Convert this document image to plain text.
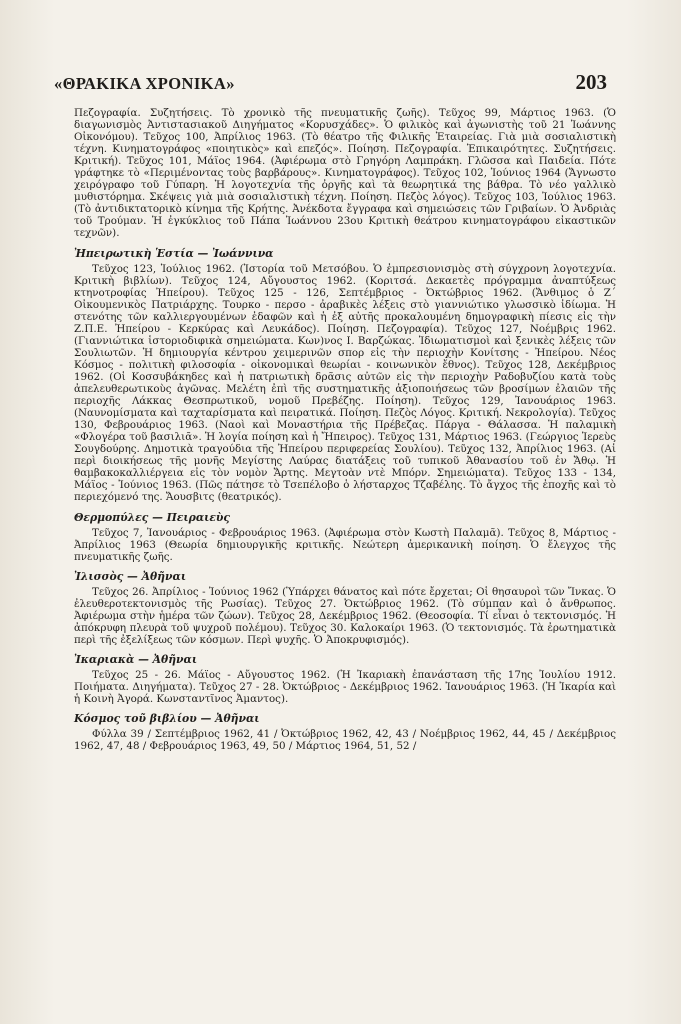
«ΘΡΑΚΙΚΑ ΧΡΟΝΙΚΑ»	203

Πεζογραφία. Συζητήσεις. Τὸ χρονικὸ τῆς πνευματικῆς ζωῆς). Τεῦχος 99, Μάρτιος 1963. (Ὁ διαγωνισμὸς Ἀντιστασιακοῦ Διηγήματος «Κορυσχάδες». Ὁ φιλικὸς καὶ ἀγωνιστὴς τοῦ 21 Ἰωάννης Οἰκονόμου). Τεῦχος 100, Ἀπρίλιος 1963. (Τὸ θέατρο τῆς Φιλικῆς Ἑταιρείας. Γιὰ μιὰ σοσιαλιστικὴ τέχνη. Κινηματογράφος «ποιητικὸς» καὶ επεζός». Ποίηση. Πεζογραφία. Ἐπικαιρότητες. Συζητήσεις. Κριτική). Τεῦχος 101, Μάϊος 1964. (Ἀφιέρωμα στὸ Γρηγόρη Λαμπράκη. Γλῶσσα καὶ Παιδεία. Πότε γράφτηκε τὸ «Περιμένοντας τοὺς βαρβάρους». Κινηματογράφος). Τεῦχος 102, Ἰούνιος 1964 (Ἄγνωστο χειρόγραφο τοῦ Γύπαρη. Ἡ λογοτεχνία τῆς ὀργῆς καὶ τὰ θεωρητικά της βάθρα. Τὸ νέο γαλλικὸ μυθιστόρημα. Σκέψεις γιὰ μιὰ σοσιαλιστικὴ τέχνη. Ποίηση. Πεζὸς λόγος). Τεῦχος 103, Ἰούλιος 1963. (Τὸ ἀντιδικτατορικὸ κίνημα τῆς Κρήτης. Ἀνέκδοτα ἔγγραφα καὶ σημειώσεις τῶν Γριβαίων. Ὁ Ἀνδριὰς τοῦ Τρούμαν. Ἡ ἐγκύκλιος τοῦ Πάπα Ἰωάννου 23ου Κριτικὴ θεάτρου κινηματογράφου εἰκαστικῶν τεχνῶν).

Ἠπειρωτικὴ Ἑστία — Ἰωάννινα

Τεῦχος 123, Ἰούλιος 1962. (Ἱστορία τοῦ Μετσόβου. Ὁ ἐμπρεσιονισμὸς στὴ σύγχρονη λογοτεχνία. Κριτικὴ βιβλίων). Τεῦχος 124, Αὔγουστος 1962. (Κοριτσά. Δεκαετὲς πρόγραμμα ἀναπτύξεως κτηνοτροφίας Ἠπείρου). Τεῦχος 125 - 126, Σεπτέμβριος - Ὀκτώβριος 1962. (Ἄνθιμος ὁ Ζ΄ Οἰκουμενικὸς Πατριάρχης. Τουρκο - περσο - ἀραβικὲς λέξεις στὸ γιαννιώτικο γλωσσικὸ ἰδίωμα. Ἡ στενότης τῶν καλλιεργουμένων ἐδαφῶν καὶ ἡ ἐξ αὐτῆς προκαλουμένη δημογραφικὴ πίεσις εἰς τὴν Ζ.Π.Ε. Ἠπείρου - Κερκύρας καὶ Λευκάδος). Ποίηση. Πεζογραφία). Τεῦχος 127, Νοέμβρις 1962. (Γιαννιώτικα ἱστοριοδιφικὰ σημειώματα. Κων)νος Ι. Βαρζώκας. Ἰδιωματισμοὶ καὶ ξενικὲς λέξεις τῶν Σουλιωτῶν. Ἡ δημιουργία κέντρου χειμερινῶν σπορ εἰς τὴν περιοχὴν Κονίτσης - Ἠπείρου. Νέος Κόσμος - πολιτικὴ φιλοσοφία - οἰκονομικαὶ θεωρίαι - κοινωνικὸν ἔθνος). Τεῦχος 128, Δεκέμβριος 1962. (Οἱ Κοσσυβάκηδες καὶ ἡ πατριωτικὴ δρᾶσις αὐτῶν εἰς τὴν περιοχὴν Ραδοβυζίου κατὰ τοὺς ἀπελευθερωτικοὺς ἀγῶνας. Μελέτη ἐπὶ τῆς συστηματικῆς ἀξιοποιήσεως τῶν βροσίμων ἐλαιῶν τῆς περιοχῆς Λάκκας Θεσπρωτικοῦ, νομοῦ Πρεβέζης. Ποίηση). Τεῦχος 129, Ἰανουάριος 1963. (Ναυνομίσματα καὶ ταχταρίσματα καὶ πειρατικά. Ποίηση. Πεζὸς Λόγος. Κριτική. Νεκρολογία). Τεῦχος 130, Φεβρουάριος 1963. (Ναοὶ καὶ Μοναστήρια τῆς Πρέβεζας. Πάργα - Θάλασσα. Ἡ παλαμικὴ «Φλογέρα τοῦ βασιλιᾶ». Ἡ λογία ποίηση καὶ ἡ Ἤπειρος). Τεῦχος 131, Μάρτιος 1963. (Γεώργιος Ἱερεὺς Σουγδούρης. Δημοτικὰ τραγούδια τῆς Ἠπείρου περιφερείας Σουλίου). Τεῦχος 132, Ἀπρίλιος 1963. (Αἱ περὶ διοικήσεως τῆς μονῆς Μεγίστης Λαύρας διατάξεις τοῦ τυπικοῦ Ἀθανασίου τοῦ ἐν Ἄθῳ. Ἡ θαμβακοκαλλιέργεια εἰς τὸν νομὸν Ἄρτης. Μεγτοὰν ντὲ Μπόρν. Σημειώματα). Τεῦχος 133 - 134, Μάϊος - Ἰούνιος 1963. (Πῶς πάτησε τὸ Τσεπέλοβο ὁ λήσταρχος Τζαβέλης. Τὸ ἄγχος τῆς ἐποχῆς καὶ τὸ περιεχόμενό της. Ἄουσβιτς (θεατρικός).

Θερμοπύλες — Πειραιεὺς

Τεῦχος 7, Ἰανουάριος - Φεβρουάριος 1963. (Ἀφιέρωμα στὸν Κωστὴ Παλαμᾶ). Τεῦχος 8, Μάρτιος - Ἀπρίλιος 1963 (Θεωρία δημιουργικῆς κριτικῆς. Νεώτερη ἀμερικανικὴ ποίηση. Ὁ ἔλεγχος τῆς πνευματικῆς ζωῆς.

Ἰλισσὸς — Ἀθῆναι

Τεῦχος 26. Ἀπρίλιος - Ἰούνιος 1962 (Ὑπάρχει θάνατος καὶ πότε ἔρχεται; Οἱ θησαυροὶ τῶν Ἴνκας. Ὁ ἐλευθεροτεκτονισμὸς τῆς Ρωσίας). Τεῦχος 27. Ὀκτώβριος 1962. (Τὸ σύμπαν καὶ ὁ ἄνθρωπος. Ἀφιέρωμα στὴν ἡμέρα τῶν ζώων). Τεῦχος 28, Δεκέμβριος 1962. (Θεοσοφία. Τί εἶναι ὁ τεκτονισμός. Ἡ ἀπόκρυφη πλευρὰ τοῦ ψυχροῦ πολέμου). Τεῦχος 30. Καλοκαίρι 1963. (Ὁ τεκτονισμός. Τὰ ἐρωτηματικὰ περὶ τῆς ἐξελίξεως τῶν κόσμων. Περὶ ψυχῆς. Ὁ Ἀποκρυφισμός).

Ἰκαριακὰ — Ἀθῆναι

Τεῦχος 25 - 26. Μάϊος - Αὔγουστος 1962. (Ἡ Ἰκαριακὴ ἐπανάσταση τῆς 17ης Ἰουλίου 1912. Ποιήματα. Διηγήματα). Τεῦχος 27 - 28. Ὀκτώβριος - Δεκέμβριος 1962. Ἰανουάριος 1963. (Ἡ Ἰκαρία καὶ ἡ Κοινὴ Ἀγορά. Κωνσταντῖνος Ἀμαντος).

Κόσμος τοῦ βιβλίου — Ἀθῆναι

Φύλλα 39 / Σεπτέμβριος 1962, 41 / Ὀκτώβριος 1962, 42, 43 / Νοέμβριος 1962, 44, 45 / Δεκέμβριος 1962, 47, 48 / Φεβρουάριος 1963, 49, 50 / Μάρτιος 1964, 51, 52 /
